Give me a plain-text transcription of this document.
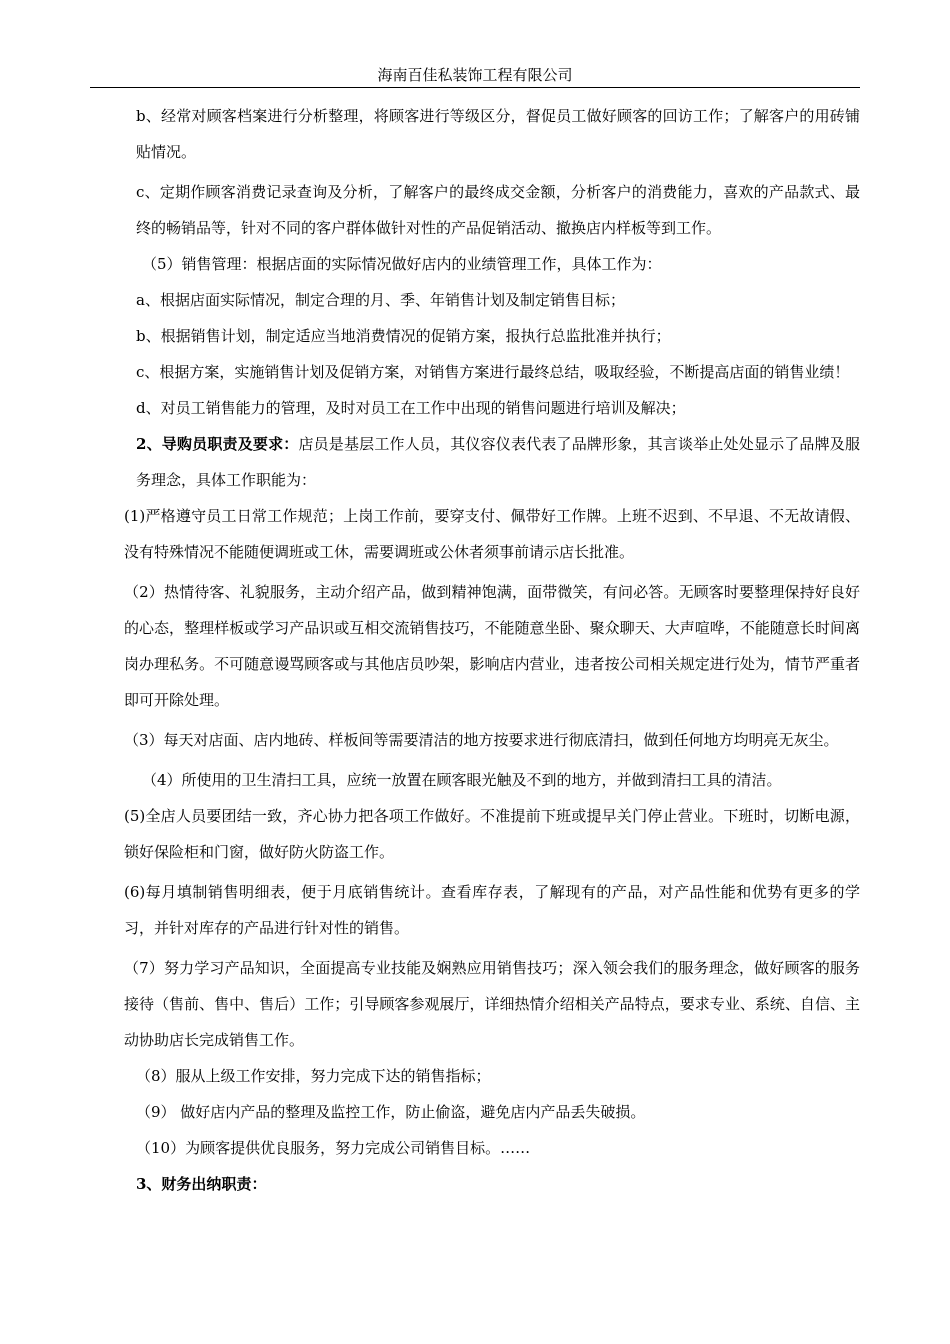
海南百佳私装饰工程有限公司

b、经常对顾客档案进行分析整理，将顾客进行等级区分，督促员工做好顾客的回访工作；了解客户的用砖铺贴情况。

c、定期作顾客消费记录查询及分析，了解客户的最终成交金额，分析客户的消费能力，喜欢的产品款式、最终的畅销品等，针对不同的客户群体做针对性的产品促销活动、撤换店内样板等到工作。

（5）销售管理：根据店面的实际情况做好店内的业绩管理工作，具体工作为：

a、根据店面实际情况，制定合理的月、季、年销售计划及制定销售目标；

b、根据销售计划，制定适应当地消费情况的促销方案，报执行总监批准并执行；

c、根据方案，实施销售计划及促销方案，对销售方案进行最终总结，吸取经验，不断提高店面的销售业绩！

d、对员工销售能力的管理，及时对员工在工作中出现的销售问题进行培训及解决；

2、导购员职责及要求：店员是基层工作人员，其仪容仪表代表了品牌形象，其言谈举止处处显示了品牌及服务理念，具体工作职能为：

(1)严格遵守员工日常工作规范；上岗工作前，要穿支付、佩带好工作牌。上班不迟到、不早退、不无故请假、没有特殊情况不能随便调班或工休，需要调班或公休者须事前请示店长批准。

（2）热情待客、礼貌服务，主动介绍产品，做到精神饱满，面带微笑，有问必答。无顾客时要整理保持好良好的心态，整理样板或学习产品识或互相交流销售技巧，不能随意坐卧、聚众聊天、大声喧哗，不能随意长时间离岗办理私务。不可随意谩骂顾客或与其他店员吵架，影响店内营业，违者按公司相关规定进行处为，情节严重者即可开除处理。

（3）每天对店面、店内地砖、样板间等需要清洁的地方按要求进行彻底清扫，做到任何地方均明亮无灰尘。

（4）所使用的卫生清扫工具，应统一放置在顾客眼光触及不到的地方，并做到清扫工具的清洁。

(5)全店人员要团结一致，齐心协力把各项工作做好。不准提前下班或提早关门停止营业。下班时，切断电源，锁好保险柜和门窗，做好防火防盗工作。

(6)每月填制销售明细表，便于月底销售统计。查看库存表，了解现有的产品，对产品性能和优势有更多的学习，并针对库存的产品进行针对性的销售。

（7）努力学习产品知识，全面提高专业技能及娴熟应用销售技巧；深入领会我们的服务理念，做好顾客的服务接待（售前、售中、售后）工作；引导顾客参观展厅，详细热情介绍相关产品特点，要求专业、系统、自信、主动协助店长完成销售工作。

（8）服从上级工作安排，努力完成下达的销售指标；

（9） 做好店内产品的整理及监控工作，防止偷盗，避免店内产品丢失破损。

（10）为顾客提供优良服务，努力完成公司销售目标。……

3、财务出纳职责：
